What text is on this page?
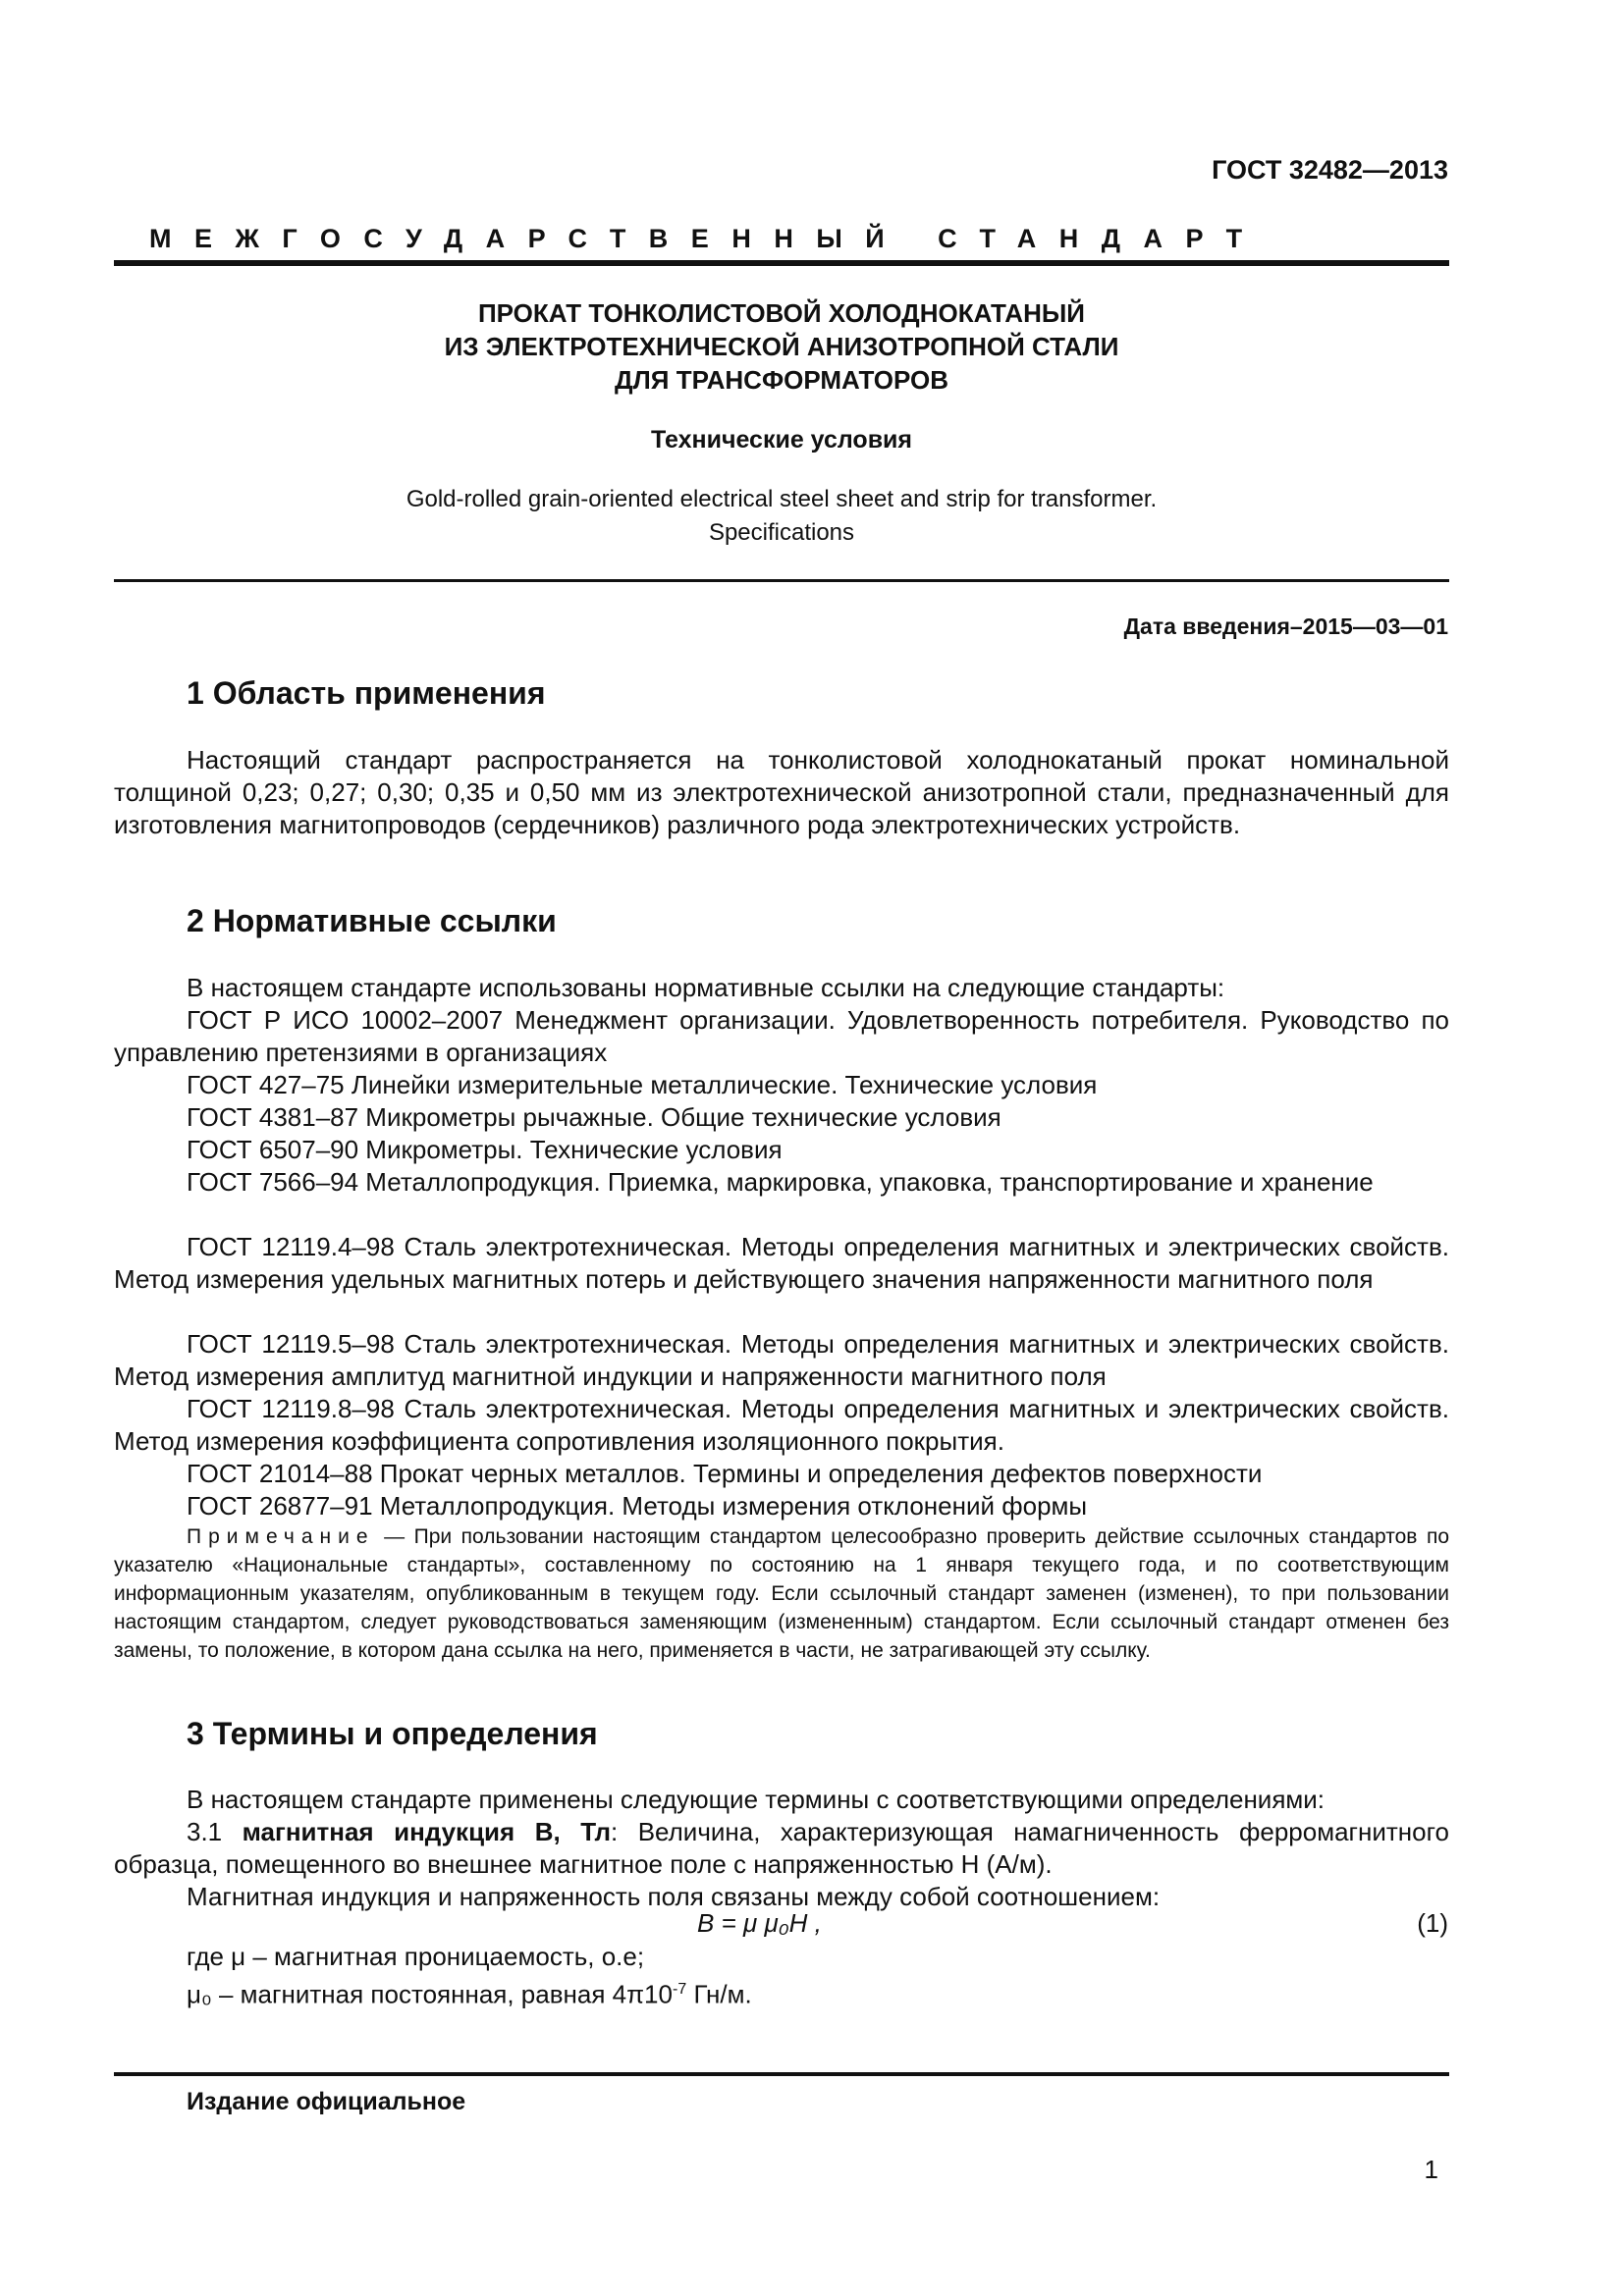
ГОСТ 32482—2013
МЕЖГОСУДАРСТВЕННЫЙ СТАНДАРТ
ПРОКАТ ТОНКОЛИСТОВОЙ ХОЛОДНОКАТАНЫЙ
ИЗ ЭЛЕКТРОТЕХНИЧЕСКОЙ АНИЗОТРОПНОЙ СТАЛИ
ДЛЯ ТРАНСФОРМАТОРОВ
Технические условия
Gold-rolled grain-oriented electrical steel sheet and strip for transformer.
Specifications
Дата введения–2015—03—01
1 Область применения
Настоящий стандарт распространяется на тонколистовой холоднокатаный прокат номинальной толщиной 0,23; 0,27; 0,30; 0,35 и 0,50 мм из электротехнической анизотропной стали, предназначенный для изготовления магнитопроводов (сердечников) различного рода электротехнических устройств.
2 Нормативные ссылки
В настоящем стандарте использованы нормативные ссылки на следующие стандарты:
ГОСТ Р ИСО 10002–2007 Менеджмент организации. Удовлетворенность потребителя. Руководство по управлению претензиями в организациях
ГОСТ 427–75 Линейки измерительные металлические. Технические условия
ГОСТ 4381–87 Микрометры рычажные. Общие технические условия
ГОСТ 6507–90 Микрометры. Технические условия
ГОСТ 7566–94 Металлопродукция. Приемка, маркировка, упаковка, транспортирование и хранение
ГОСТ 12119.4–98 Сталь электротехническая. Методы определения магнитных и электрических свойств. Метод измерения удельных магнитных потерь и действующего значения напряженности магнитного поля
ГОСТ 12119.5–98 Сталь электротехническая. Методы определения магнитных и электрических свойств. Метод измерения амплитуд магнитной индукции и напряженности магнитного поля
ГОСТ 12119.8–98 Сталь электротехническая. Методы определения магнитных и электрических свойств. Метод измерения коэффициента сопротивления изоляционного покрытия.
ГОСТ 21014–88 Прокат черных металлов. Термины и определения дефектов поверхности
ГОСТ 26877–91 Металлопродукция. Методы измерения отклонений формы
Примечание — При пользовании настоящим стандартом целесообразно проверить действие ссылочных стандартов по указателю «Национальные стандарты», составленному по состоянию на 1 января текущего года, и по соответствующим информационным указателям, опубликованным в текущем году. Если ссылочный стандарт заменен (изменен), то при пользовании настоящим стандартом, следует руководствоваться заменяющим (измененным) стандартом. Если ссылочный стандарт отменен без замены, то положение, в котором дана ссылка на него, применяется в части, не затрагивающей эту ссылку.
3 Термины и определения
В настоящем стандарте применены следующие термины с соответствующими определениями:
3.1 магнитная индукция В, Тл: Величина, характеризующая намагниченность ферромагнитного образца, помещенного во внешнее магнитное поле с напряженностью Н (А/м).
Магнитная индукция и напряженность поля связаны между собой соотношением:
B = μ μ₀H ,	(1)
где μ – магнитная проницаемость, о.е;
μ₀ – магнитная постоянная, равная $4\pi 10^{-7}$ Гн/м.
Издание официальное
1
